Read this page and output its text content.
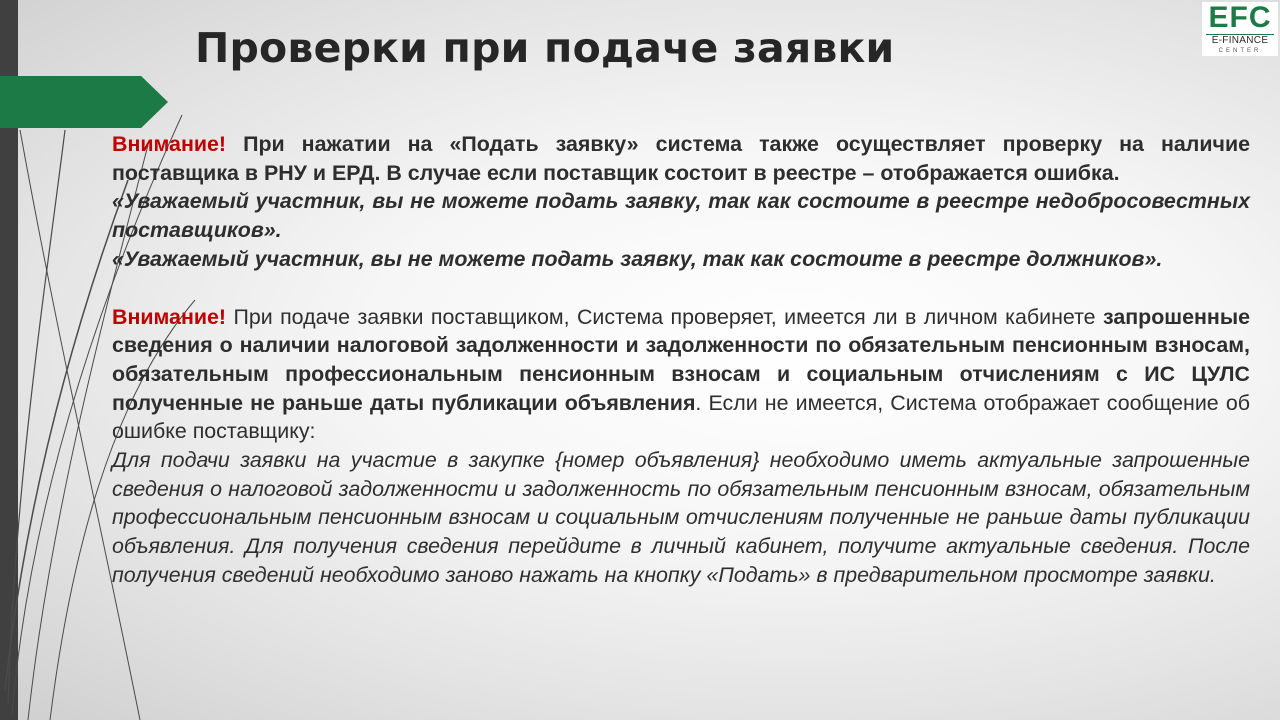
Проверки при подаче заявки
EFC
E-FINANCE
CENTER

Внимание! При нажатии на «Подать заявку» система также осуществляет проверку на наличие поставщика в РНУ и ЕРД. В случае если поставщик состоит в реестре – отображается ошибка.

«Уважаемый участник, вы не можете подать заявку, так как состоите в реестре недобросовестных поставщиков».

«Уважаемый участник, вы не можете подать заявку, так как состоите в реестре должников».

Внимание! При подаче заявки поставщиком, Система проверяет, имеется ли в личном кабинете запрошенные сведения о наличии налоговой задолженности и задолженности по обязательным пенсионным взносам, обязательным профессиональным пенсионным взносам и социальным отчислениям с ИС ЦУЛС полученные не раньше даты публикации объявления. Если не имеется, Система отображает сообщение об ошибке поставщику:

Для подачи заявки на участие в закупке {номер объявления} необходимо иметь актуальные запрошенные сведения о налоговой задолженности и задолженность по обязательным пенсионным взносам, обязательным профессиональным пенсионным взносам и социальным отчислениям полученные не раньше даты публикации объявления. Для получения сведения перейдите в личный кабинет, получите актуальные сведения. После получения сведений необходимо заново нажать на кнопку «Подать» в предварительном просмотре заявки.
